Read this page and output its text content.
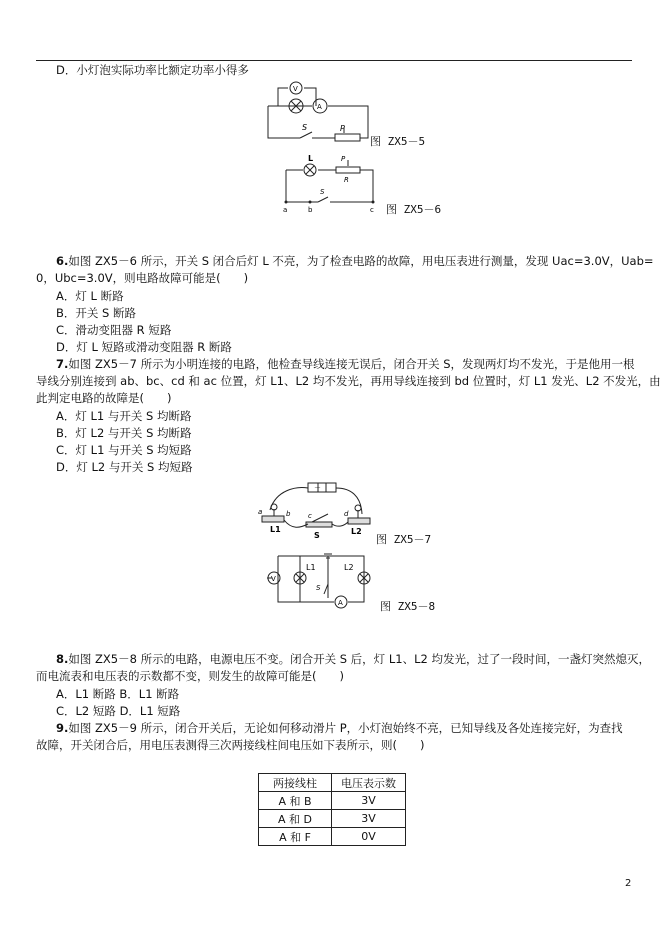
D．小灯泡实际功率比额定功率小得多
V
A
S	P
图 ZX5－5
L	P
R
S
a	b	c 图 ZX5－6
6.如图 ZX5－6 所示，开关 S 闭合后灯 L 不亮，为了检查电路的故障，用电压表进行测量，发现 Uac=3.0V，Uab=
0，Ubc=3.0V，则电路故障可能是(　　)
A．灯 L 断路
B．开关 S 断路
C．滑动变阻器 R 短路
D．灯 L 短路或滑动变阻器 R 断路
7.如图 ZX5－7 所示为小明连接的电路，他检查导线连接无误后，闭合开关 S，发现两灯均不发光，于是他用一根
导线分别连接到 ab、bc、cd 和 ac 位置，灯 L1、L2 均不发光，再用导线连接到 bd 位置时，灯 L1 发光、L2 不发光，由
此判定电路的故障是(　　)
A．灯 L1 与开关 S 均断路
B．灯 L2 与开关 S 均断路
C．灯 L1 与开关 S 均短路
D．灯 L2 与开关 S 均短路
－
a	b	c	d
L1
S	L2
图 ZX5－7
V
L1	L2
S
A	图 ZX5－8
8.如图 ZX5－8 所示的电路，电源电压不变。闭合开关 S 后，灯 L1、L2 均发光，过了一段时间，一盏灯突然熄灭，
而电流表和电压表的示数都不变，则发生的故障可能是(　　)
A．L1 断路 B．L1 断路
C．L2 短路 D．L1 短路
9.如图 ZX5－9 所示，闭合开关后，无论如何移动滑片 P，小灯泡始终不亮，已知导线及各处连接完好，为查找
故障，开关闭合后，用电压表测得三次两接线柱间电压如下表所示，则(　　)
两接线柱	电压表示数
A 和 B	3V
A 和 D	3V
A 和 F	0V
2
